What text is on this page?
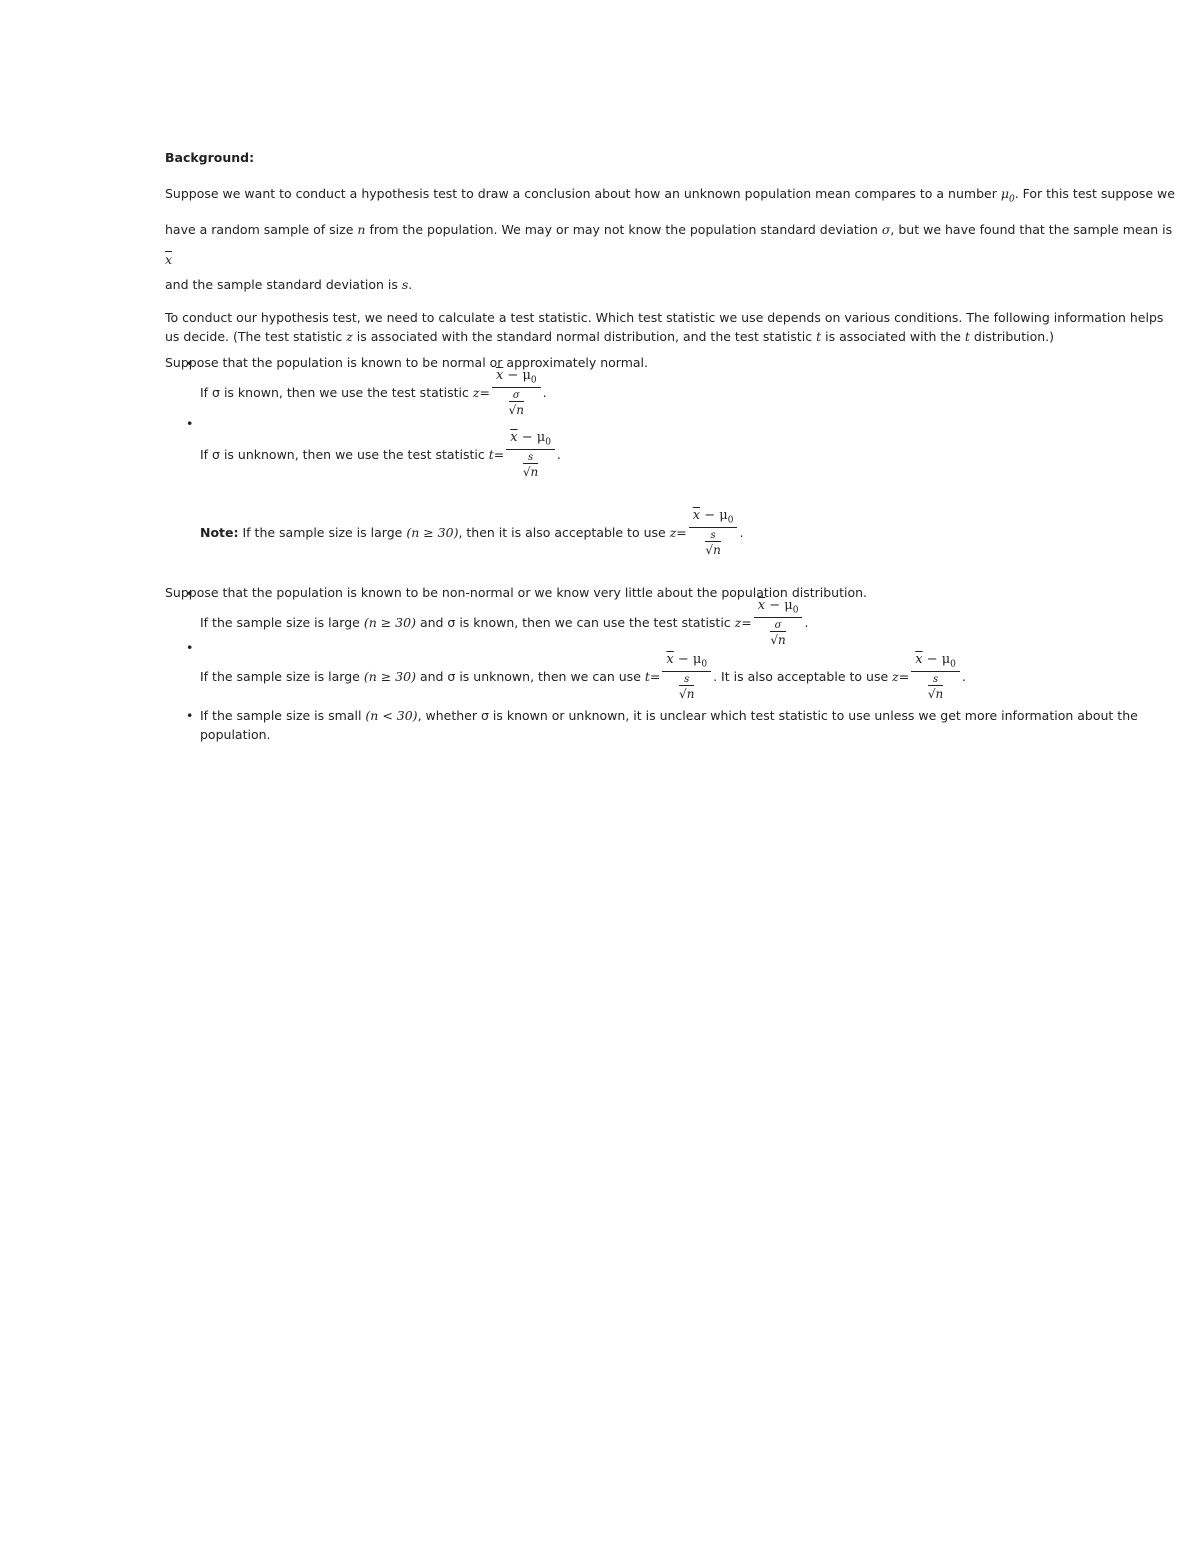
Background:

Suppose we want to conduct a hypothesis test to draw a conclusion about how an unknown population mean compares to a number $\mu_0$. For this test suppose we have a random sample of size n from the population. We may or may not know the population standard deviation σ, but we have found that the sample mean is $\overline{x}$

and the sample standard deviation is s.

To conduct our hypothesis test, we need to calculate a test statistic. Which test statistic we use depends on various conditions. The following information helps us decide. (The test statistic z is associated with the standard normal distribution, and the test statistic t is associated with the t distribution.)

Suppose that the population is known to be normal or approximately normal.

• If σ is known, then we use the test statistic
$z = \overline{x} - \mu_0$
σ
√n .
• If σ is unknown, then we use the test statistic
$t = \overline{x} - \mu_0$
s
√n .
Note:
If the sample size is large
(n ≥ 30) , then it is also acceptable to use
$z = \overline{x} - \mu_0$
s
√n .

Suppose that the population is known to be non-normal or we know very little about the population distribution.

• If the sample size is large
(n ≥ 30)
and σ is known, then we can use the test statistic
$z = \overline{x} - \mu_0$
σ
√n .
• If the sample size is large
(n ≥ 30)
and σ is unknown, then we can use
$t = \overline{x} - \mu_0$
s
√n .
It is also acceptable to use
$z = \overline{x} - \mu_0$
s
√n .
• If the sample size is small (n < 30), whether σ is known or unknown, it is unclear which test statistic to use unless we get more information about the population.
